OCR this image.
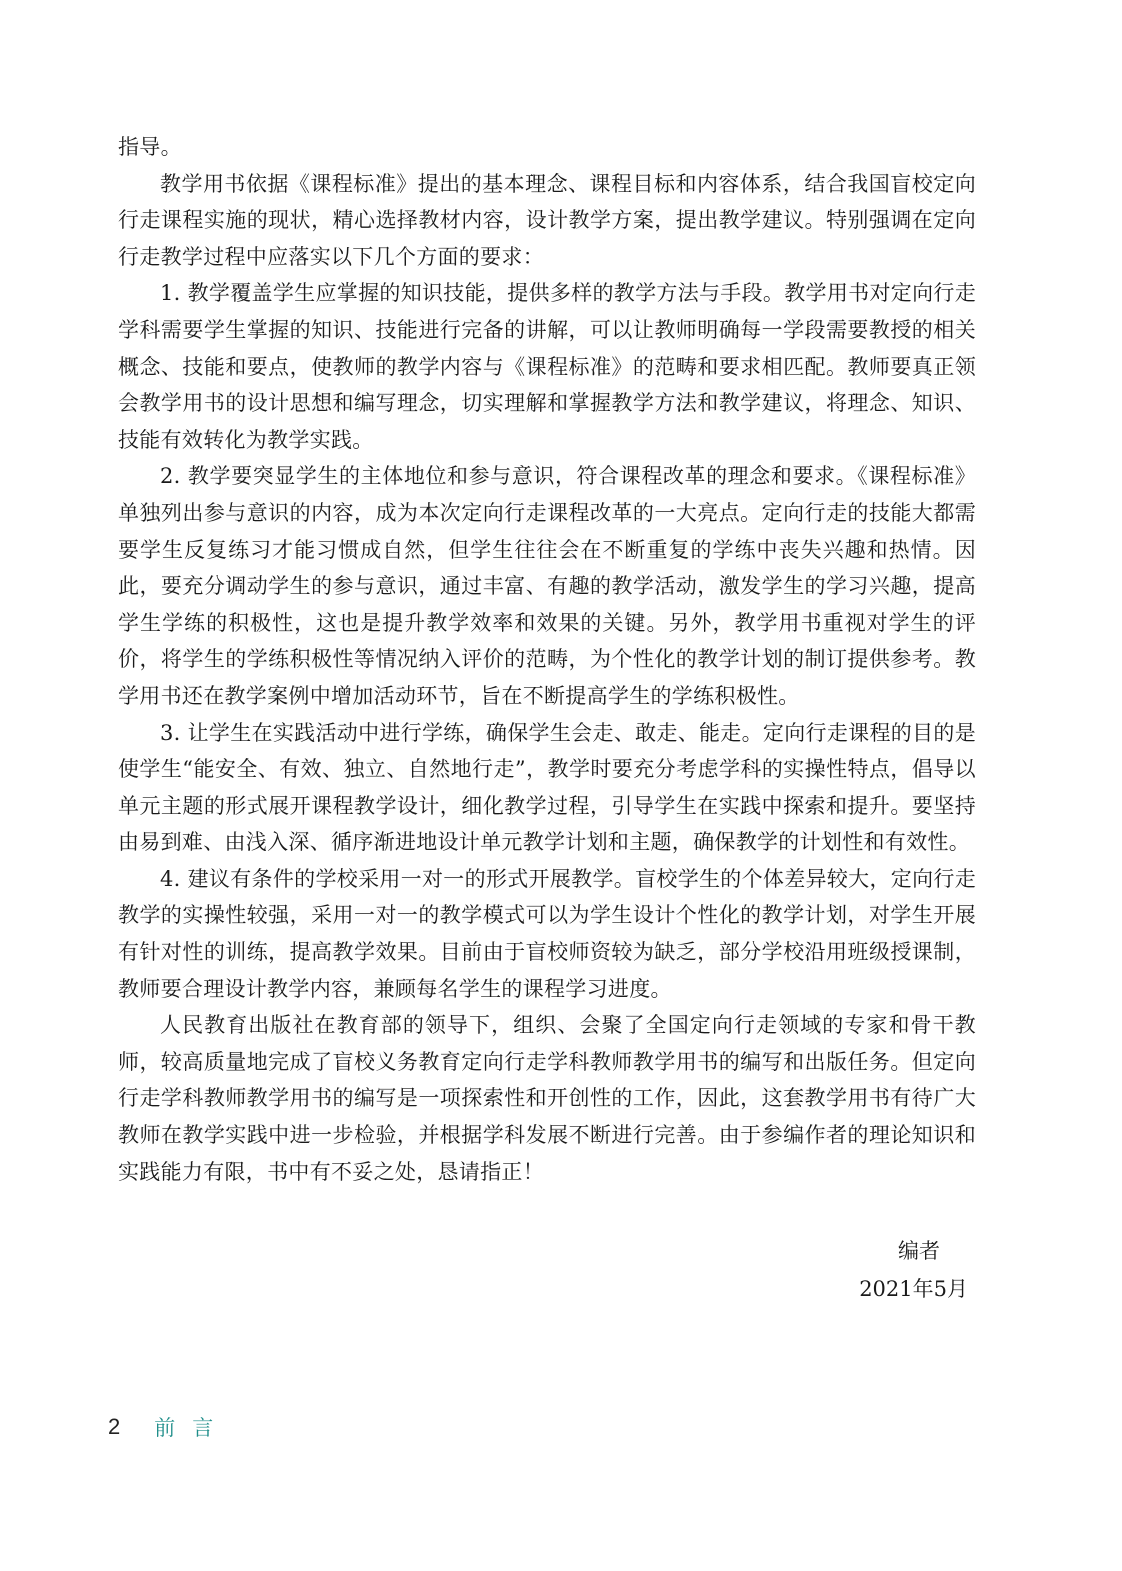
指导。

教学用书依据《课程标准》提出的基本理念、课程目标和内容体系，结合我国盲校定向行走课程实施的现状，精心选择教材内容，设计教学方案，提出教学建议。特别强调在定向行走教学过程中应落实以下几个方面的要求：

1. 教学覆盖学生应掌握的知识技能，提供多样的教学方法与手段。教学用书对定向行走学科需要学生掌握的知识、技能进行完备的讲解，可以让教师明确每一学段需要教授的相关概念、技能和要点，使教师的教学内容与《课程标准》的范畴和要求相匹配。教师要真正领会教学用书的设计思想和编写理念，切实理解和掌握教学方法和教学建议，将理念、知识、技能有效转化为教学实践。

2. 教学要突显学生的主体地位和参与意识，符合课程改革的理念和要求。《课程标准》单独列出参与意识的内容，成为本次定向行走课程改革的一大亮点。定向行走的技能大都需要学生反复练习才能习惯成自然，但学生往往会在不断重复的学练中丧失兴趣和热情。因此，要充分调动学生的参与意识，通过丰富、有趣的教学活动，激发学生的学习兴趣，提高学生学练的积极性，这也是提升教学效率和效果的关键。另外，教学用书重视对学生的评价，将学生的学练积极性等情况纳入评价的范畴，为个性化的教学计划的制订提供参考。教学用书还在教学案例中增加活动环节，旨在不断提高学生的学练积极性。

3. 让学生在实践活动中进行学练，确保学生会走、敢走、能走。定向行走课程的目的是使学生“能安全、有效、独立、自然地行走”，教学时要充分考虑学科的实操性特点，倡导以单元主题的形式展开课程教学设计，细化教学过程，引导学生在实践中探索和提升。要坚持由易到难、由浅入深、循序渐进地设计单元教学计划和主题，确保教学的计划性和有效性。

4. 建议有条件的学校采用一对一的形式开展教学。盲校学生的个体差异较大，定向行走教学的实操性较强，采用一对一的教学模式可以为学生设计个性化的教学计划，对学生开展有针对性的训练，提高教学效果。目前由于盲校师资较为缺乏，部分学校沿用班级授课制，教师要合理设计教学内容，兼顾每名学生的课程学习进度。

人民教育出版社在教育部的领导下，组织、会聚了全国定向行走领域的专家和骨干教师，较高质量地完成了盲校义务教育定向行走学科教师教学用书的编写和出版任务。但定向行走学科教师教学用书的编写是一项探索性和开创性的工作，因此，这套教学用书有待广大教师在教学实践中进一步检验，并根据学科发展不断进行完善。由于参编作者的理论知识和实践能力有限，书中有不妥之处，恳请指正！

编者
2021年5月
2 前言
